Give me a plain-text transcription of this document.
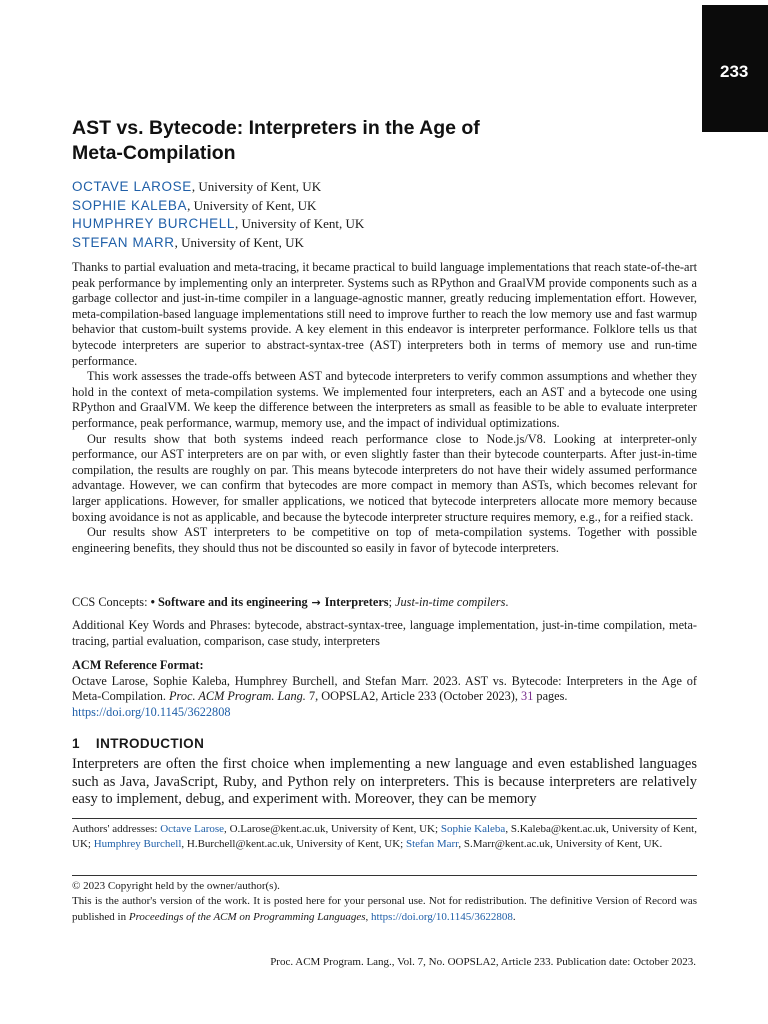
233
AST vs. Bytecode: Interpreters in the Age of
Meta-Compilation
OCTAVE LAROSE, University of Kent, UK
SOPHIE KALEBA, University of Kent, UK
HUMPHREY BURCHELL, University of Kent, UK
STEFAN MARR, University of Kent, UK

Thanks to partial evaluation and meta-tracing, it became practical to build language implementations that reach state-of-the-art peak performance by implementing only an interpreter. Systems such as RPython and GraalVM provide components such as a garbage collector and just-in-time compiler in a language-agnostic manner, greatly reducing implementation effort. However, meta-compilation-based language implementations still need to improve further to reach the low memory use and fast warmup behavior that custom-built systems provide. A key element in this endeavor is interpreter performance. Folklore tells us that bytecode interpreters are superior to abstract-syntax-tree (AST) interpreters both in terms of memory use and run-time performance.

This work assesses the trade-offs between AST and bytecode interpreters to verify common assumptions and whether they hold in the context of meta-compilation systems. We implemented four interpreters, each an AST and a bytecode one using RPython and GraalVM. We keep the difference between the interpreters as small as feasible to be able to evaluate interpreter performance, peak performance, warmup, memory use, and the impact of individual optimizations.

Our results show that both systems indeed reach performance close to Node.js/V8. Looking at interpreter-only performance, our AST interpreters are on par with, or even slightly faster than their bytecode counterparts. After just-in-time compilation, the results are roughly on par. This means bytecode interpreters do not have their widely assumed performance advantage. However, we can confirm that bytecodes are more compact in memory than ASTs, which becomes relevant for larger applications. However, for smaller applications, we noticed that bytecode interpreters allocate more memory because boxing avoidance is not as applicable, and because the bytecode interpreter structure requires memory, e.g., for a reified stack.

Our results show AST interpreters to be competitive on top of meta-compilation systems. Together with possible engineering benefits, they should thus not be discounted so easily in favor of bytecode interpreters.

CCS Concepts: • Software and its engineering → Interpreters; Just-in-time compilers.
Additional Key Words and Phrases: bytecode, abstract-syntax-tree, language implementation, just-in-time compilation, meta-tracing, partial evaluation, comparison, case study, interpreters
ACM Reference Format:
Octave Larose, Sophie Kaleba, Humphrey Burchell, and Stefan Marr. 2023. AST vs. Bytecode: Interpreters in the Age of Meta-Compilation. Proc. ACM Program. Lang. 7, OOPSLA2, Article 233 (October 2023), 31 pages.
https://doi.org/10.1145/3622808
1 INTRODUCTION
Interpreters are often the first choice when implementing a new language and even established languages such as Java, JavaScript, Ruby, and Python rely on interpreters. This is because interpreters are relatively easy to implement, debug, and experiment with. Moreover, they can be memory
Authors' addresses: Octave Larose, O.Larose@kent.ac.uk, University of Kent, UK; Sophie Kaleba, S.Kaleba@kent.ac.uk, University of Kent, UK; Humphrey Burchell, H.Burchell@kent.ac.uk, University of Kent, UK; Stefan Marr, S.Marr@kent.ac.uk, University of Kent, UK.
© 2023 Copyright held by the owner/author(s).
This is the author's version of the work. It is posted here for your personal use. Not for redistribution. The definitive Version of Record was published in Proceedings of the ACM on Programming Languages, https://doi.org/10.1145/3622808.
Proc. ACM Program. Lang., Vol. 7, No. OOPSLA2, Article 233. Publication date: October 2023.
